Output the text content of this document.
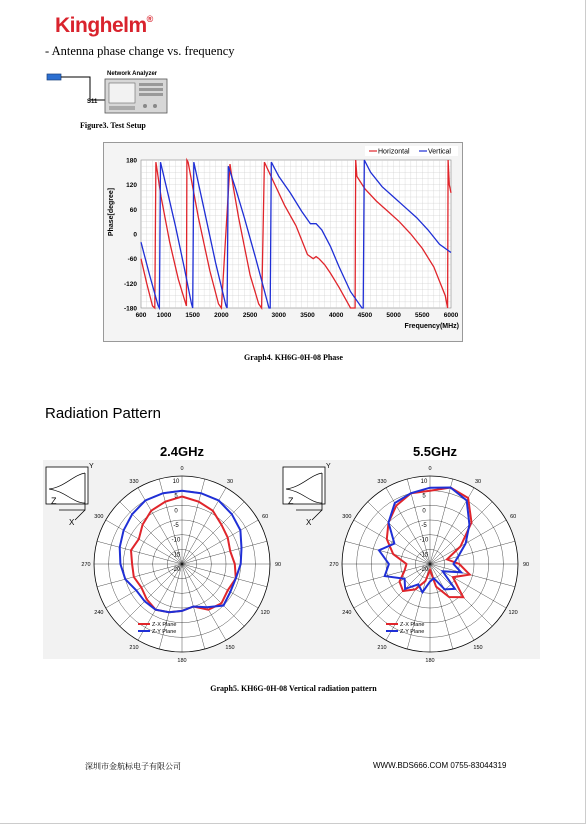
Kinghelm®
- Antenna phase change vs. frequency
S11
Network Analyzer
Figure3. Test Setup
-180
-120
-60
0
60
120
180
600 1000 1500 2000 2500 3000 3500 4000 4500 5000 5500 6000
Phase[degree]
Frequency(MHz)
Horizontal	Vertical
Graph4. KH6G-0H-08 Phase
Radiation Pattern
2.4GHz	5.5GHz
Y
Z
X
Y
Z
X
0
30
60
90
120
150
180
210
240
270
300
330	10
5
0
-5
-10
-15
-20
Z-X Plane
Z-Y Plane
0
30
60
90
120
150
180
210
240
270
300
330	10
5
0
-5
-10
-15
-20
Z-X Plane
Z-Y Plane
Graph5. KH6G-0H-08 Vertical radiation pattern
深圳市金航标电子有限公司	WWW.BDS666.COM 0755-83044319
